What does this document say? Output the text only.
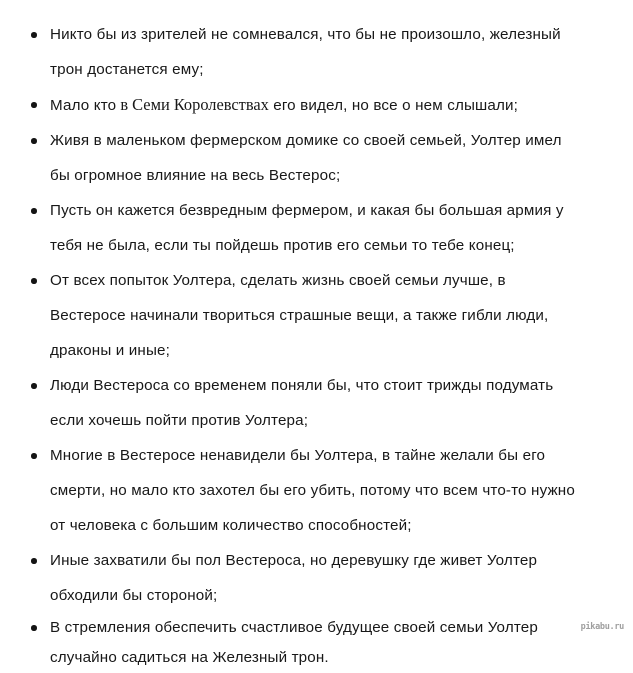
Никто бы из зрителей не сомневался, что бы не произошло, железный трон достанется ему;
Мало кто в Семи Королевствах его видел, но все о нем слышали;
Живя в маленьком фермерском домике со своей семьей, Уолтер имел бы огромное влияние на весь Вестерос;
Пусть он кажется безвредным фермером, и какая бы большая армия у тебя не была, если ты пойдешь против его семьи то тебе конец;
От всех попыток Уолтера, сделать жизнь своей семьи лучше, в Вестеросе начинали твориться страшные вещи, а также гибли люди, драконы и иные;
Люди Вестероса со временем поняли бы, что стоит трижды подумать если хочешь пойти против Уолтера;
Многие в Вестеросе ненавидели бы Уолтера, в тайне желали бы его смерти, но мало кто захотел бы его убить, потому что всем что-то нужно от человека с большим количество способностей;
Иные захватили бы пол Вестероса, но деревушку где живет Уолтер обходили бы стороной;
В стремления обеспечить счастливое будущее своей семьи Уолтер случайно садиться на Железный трон.
pikabu.ru
